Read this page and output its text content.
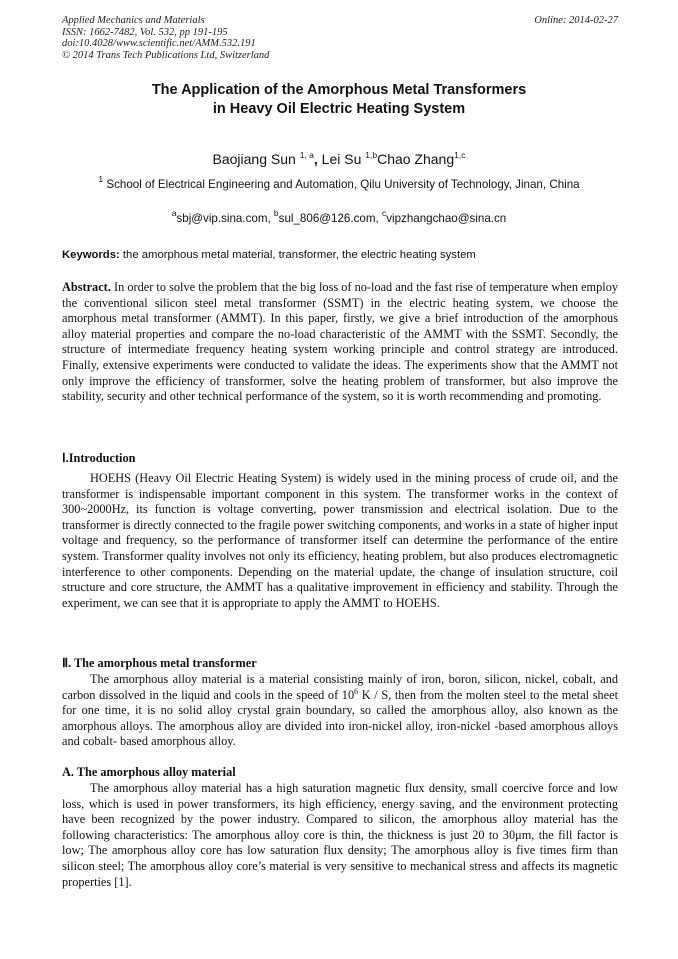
Applied Mechanics and Materials
ISSN: 1662-7482, Vol. 532, pp 191-195
doi:10.4028/www.scientific.net/AMM.532.191
© 2014 Trans Tech Publications Ltd, Switzerland
Online: 2014-02-27
The Application of the Amorphous Metal Transformers
in Heavy Oil Electric Heating System
Baojiang Sun $^{1, a}$, Lei Su $^{1,b}$Chao Zhang$^{1,c}$
$^1$ School of Electrical Engineering and Automation, Qilu University of Technology, Jinan, China
$^a$sbj@vip.sina.com, $^b$sul_806@126.com, $^c$vipzhangchao@sina.cn
Keywords: the amorphous metal material, transformer, the electric heating system

Abstract. In order to solve the problem that the big loss of no-load and the fast rise of temperature when employ the conventional silicon steel metal transformer (SSMT) in the electric heating system, we choose the amorphous metal transformer (AMMT). In this paper, firstly, we give a brief introduction of the amorphous alloy material properties and compare the no-load characteristic of the AMMT with the SSMT. Secondly, the structure of intermediate frequency heating system working principle and control strategy are introduced. Finally, extensive experiments were conducted to validate the ideas. The experiments show that the AMMT not only improve the efficiency of transformer, solve the heating problem of transformer, but also improve the stability, security and other technical performance of the system, so it is worth recommending and promoting.

Ⅰ.Introduction

HOEHS (Heavy Oil Electric Heating System) is widely used in the mining process of crude oil, and the transformer is indispensable important component in this system. The transformer works in the context of 300~2000Hz, its function is voltage converting, power transmission and electrical isolation. Due to the transformer is directly connected to the fragile power switching components, and works in a state of higher input voltage and frequency, so the performance of transformer itself can determine the performance of the entire system. Transformer quality involves not only its efficiency, heating problem, but also produces electromagnetic interference to other components. Depending on the material update, the change of insulation structure, coil structure and core structure, the AMMT has a qualitative improvement in efficiency and stability. Through the experiment, we can see that it is appropriate to apply the AMMT to HOEHS.

Ⅱ. The amorphous metal transformer

The amorphous alloy material is a material consisting mainly of iron, boron, silicon, nickel, cobalt, and carbon dissolved in the liquid and cools in the speed of $10^6$ K / S, then from the molten steel to the metal sheet for one time, it is no solid alloy crystal grain boundary, so called the amorphous alloy, also known as the amorphous alloys. The amorphous alloy are divided into iron-nickel alloy, iron-nickel -based amorphous alloys and cobalt- based amorphous alloy.

A. The amorphous alloy material

The amorphous alloy material has a high saturation magnetic flux density, small coercive force and low loss, which is used in power transformers, its high efficiency, energy saving, and the environment protecting have been recognized by the power industry. Compared to silicon, the amorphous alloy material has the following characteristics: The amorphous alloy core is thin, the thickness is just 20 to 30μm, the fill factor is low; The amorphous alloy core has low saturation flux density; The amorphous alloy is five times firm than silicon steel; The amorphous alloy core’s material is very sensitive to mechanical stress and affects its magnetic properties [1].
